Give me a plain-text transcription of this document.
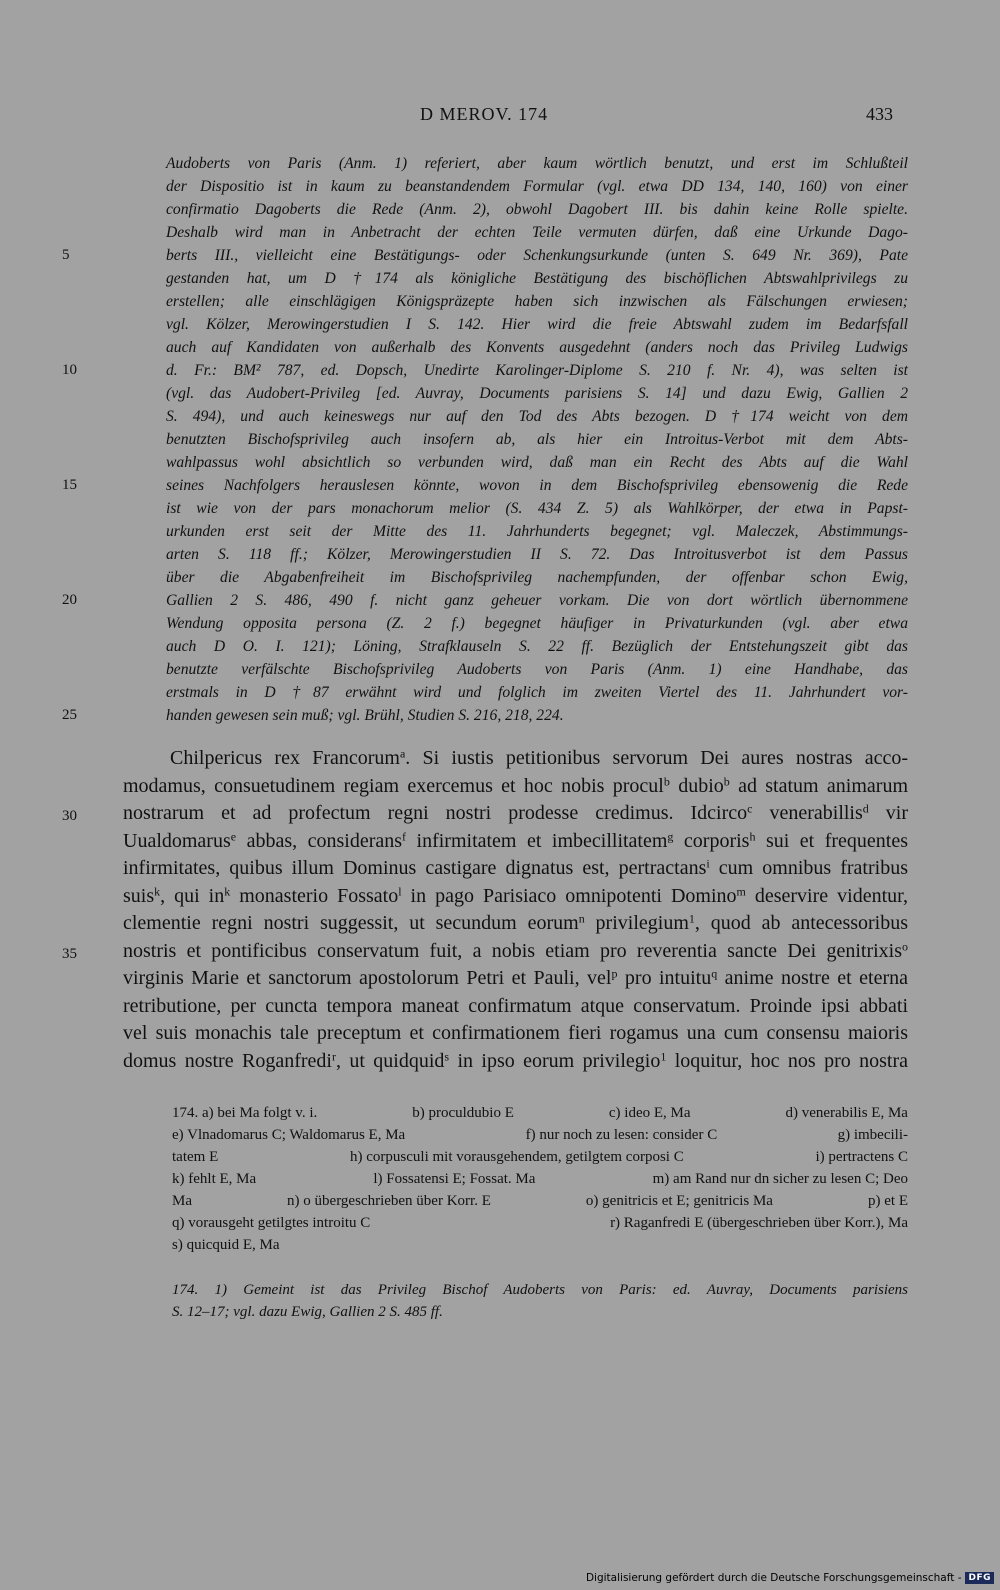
D MEROV. 174	433
Audoberts von Paris (Anm. 1) referiert, aber kaum wörtlich benutzt, und erst im Schlußteil
der Dispositio ist in kaum zu beanstandendem Formular (vgl. etwa DD 134, 140, 160) von einer
confirmatio Dagoberts die Rede (Anm. 2), obwohl Dagobert III. bis dahin keine Rolle spielte.
Deshalb wird man in Anbetracht der echten Teile vermuten dürfen, daß eine Urkunde Dago-
5	berts III., vielleicht eine Bestätigungs- oder Schenkungsurkunde (unten S. 649 Nr. 369), Pate
gestanden hat, um D †174 als königliche Bestätigung des bischöflichen Abtswahlprivilegs zu
erstellen; alle einschlägigen Königspräzepte haben sich inzwischen als Fälschungen erwiesen;
vgl. Kölzer, Merowingerstudien I S. 142. Hier wird die freie Abtswahl zudem im Bedarfsfall
auch auf Kandidaten von außerhalb des Konvents ausgedehnt (anders noch das Privileg Ludwigs
10	d. Fr.: BM² 787, ed. Dopsch, Unedirte Karolinger-Diplome S. 210 f. Nr. 4), was selten ist
(vgl. das Audobert-Privileg [ed. Auvray, Documents parisiens S. 14] und dazu Ewig, Gallien 2
S. 494), und auch keineswegs nur auf den Tod des Abts bezogen. D †174 weicht von dem
benutzten Bischofsprivileg auch insofern ab, als hier ein Introitus-Verbot mit dem Abts-
wahlpassus wohl absichtlich so verbunden wird, daß man ein Recht des Abts auf die Wahl
15	seines Nachfolgers herauslesen könnte, wovon in dem Bischofsprivileg ebensowenig die Rede
ist wie von der pars monachorum melior (S. 434 Z. 5) als Wahlkörper, der etwa in Papst-
urkunden erst seit der Mitte des 11. Jahrhunderts begegnet; vgl. Maleczek, Abstimmungs-
arten S. 118 ff.; Kölzer, Merowingerstudien II S. 72. Das Introitusverbot ist dem Passus
über die Abgabenfreiheit im Bischofsprivileg nachempfunden, der offenbar schon Ewig,
20	Gallien 2 S. 486, 490 f. nicht ganz geheuer vorkam. Die von dort wörtlich übernommene
Wendung opposita persona (Z. 2 f.) begegnet häufiger in Privaturkunden (vgl. aber etwa
auch D O. I. 121); Löning, Strafklauseln S. 22 ff. Bezüglich der Entstehungszeit gibt das
benutzte verfälschte Bischofsprivileg Audoberts von Paris (Anm. 1) eine Handhabe, das
erstmals in D †87 erwähnt wird und folglich im zweiten Viertel des 11. Jahrhundert vor-
25	handen gewesen sein muß; vgl. Brühl, Studien S. 216, 218, 224.
Chilpericus rex Francorum$^a$. Si iustis petitionibus servorum Dei aures nostras acco-
modamus, consuetudinem regiam exercemus et hoc nobis procul$^b$ dubio$^b$ ad statum animarum
30 nostrarum et ad profectum regni nostri prodesse credimus. Idcirco$^c$ venerabillis$^d$ vir
Uualdomarus$^e$ abbas, considerans$^f$ infirmitatem et imbecillitatem$^g$ corporis$^h$ sui et frequentes
infirmitates, quibus illum Dominus castigare dignatus est, pertractans$^i$ cum omnibus fratribus
suis$^k$, qui $in^k$ monasterio Fossato$^l$ in pago Parisiaco omnipotenti Domino$^m$ deservire videntur,
clementie regni nostri suggessit, ut secundum eorum$^n$ privilegium$^1$, quod ab antecessoribus
35 nostris et pontificibus conservatum fuit, a nobis etiam pro reverentia sancte Dei genitrixis$^o$
virginis Marie et sanctorum apostolorum Petri et Pauli, vel$^p$ pro intuitu$^q$ anime nostre et eterna
retributione, per cuncta tempora maneat confirmatum atque conservatum. Proinde ipsi abbati
vel suis monachis tale preceptum et confirmationem fieri rogamus una cum consensu maioris
domus nostre Roganfredi$^r$, ut quidquid$^s$ in ipso eorum privilegio$^1$ loquitur, hoc nos pro nostra
174. a) bei Ma folgt v. i.	b) proculdubio E	c) ideo E, Ma	d) venerabilis E, Ma
e) Vlnadomarus C; Waldomarus E, Ma	f) nur noch zu lesen: consider C	g) imbecili-
tatem E	h) corpusculi mit vorausgehendem, getilgtem corposi C	i) pertractens C
k) fehlt E, Ma	l) Fossatensi E; Fossat. Ma	m) am Rand nur dn sicher zu lesen C; Deo
Ma	n) o übergeschrieben über Korr. E	o) genitricis et E; genitricis Ma	p) et E
q) vorausgeht getilgtes introitu C	r) Raganfredi E (übergeschrieben über Korr.), Ma
s) quicquid E, Ma
174. 1) Gemeint ist das Privileg Bischof Audoberts von Paris: ed. Auvray, Documents parisiens
S. 12–17; vgl. dazu Ewig, Gallien 2 S. 485 ff.
Digitalisierung gefördert durch die Deutsche Forschungsgemeinschaft - DFG
